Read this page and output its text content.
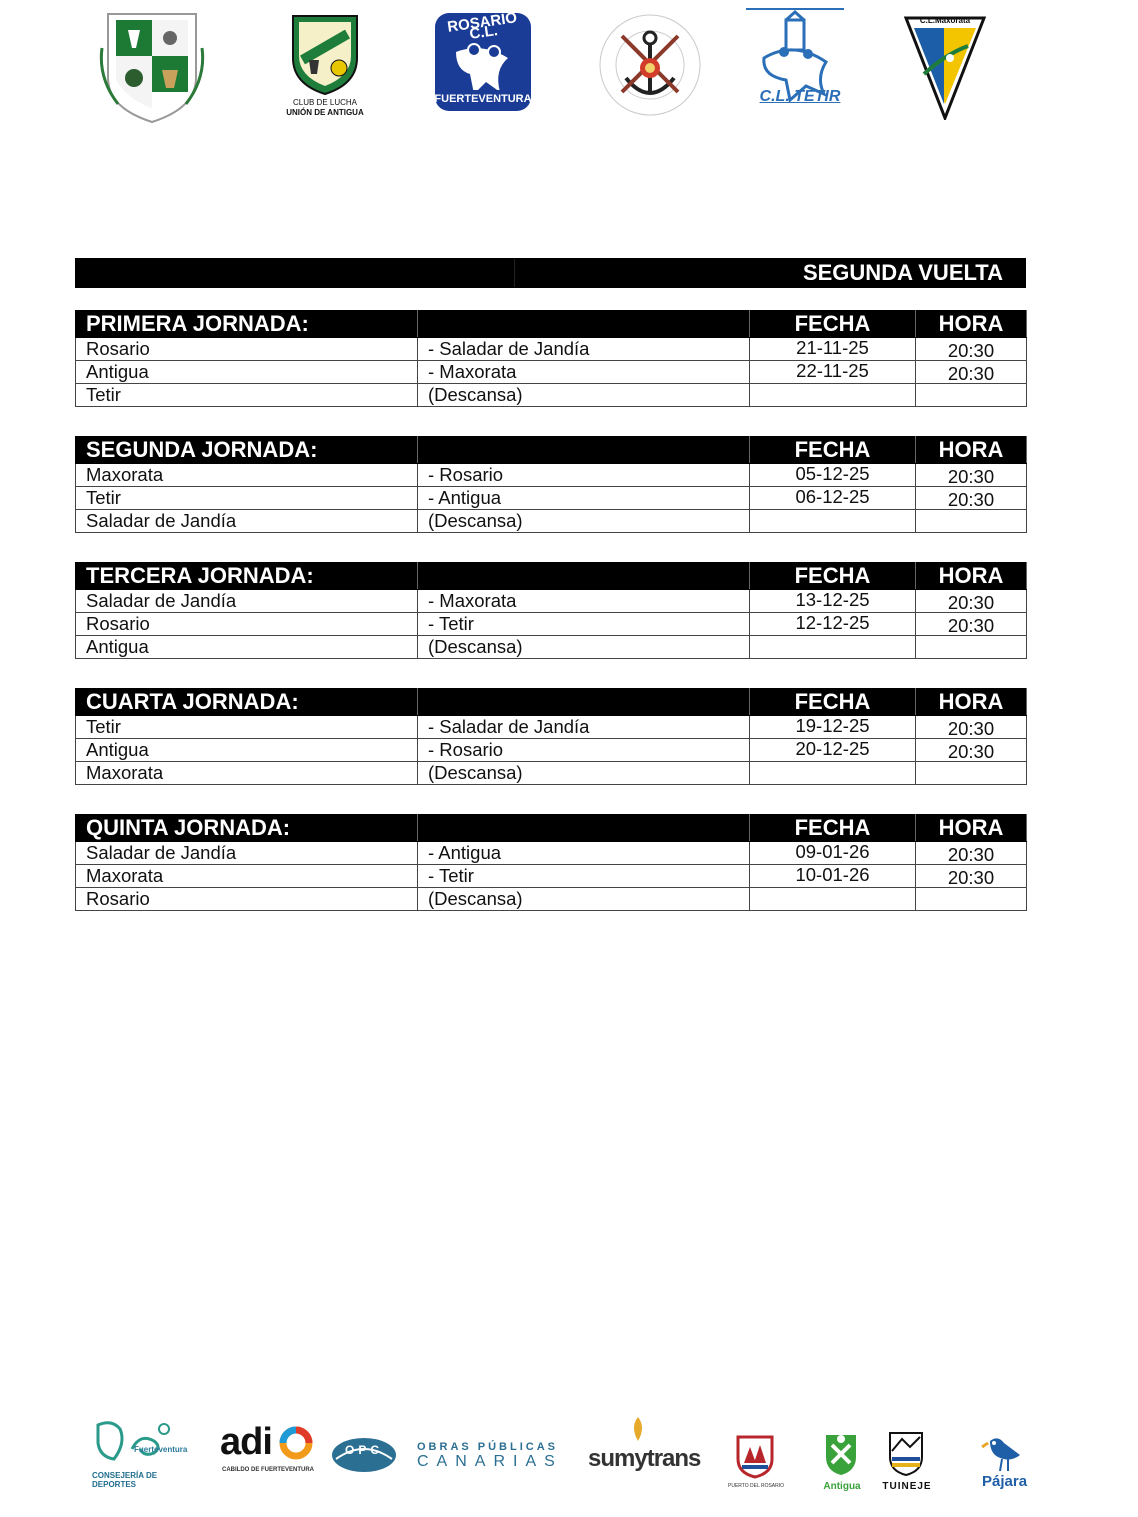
CLUB DE LUCHA
UNIÓN DE ANTIGUA
ROSARIO C.L.
FUERTEVENTURA	C.L. TETIR
C.L.Maxorata
SEGUNDA VUELTA
PRIMERA JORNADA:		FECHA	HORA
Rosario	- Saladar de Jandía	21-11-25	20:30
Antigua	- Maxorata	22-11-25	20:30
Tetir	(Descansa)		
SEGUNDA JORNADA:		FECHA	HORA
Maxorata	- Rosario	05-12-25	20:30
Tetir	- Antigua	06-12-25	20:30
Saladar de Jandía	(Descansa)		
TERCERA JORNADA:		FECHA	HORA
Saladar de Jandía	- Maxorata	13-12-25	20:30
Rosario	- Tetir	12-12-25	20:30
Antigua	(Descansa)		
CUARTA JORNADA:		FECHA	HORA
Tetir	- Saladar de Jandía	19-12-25	20:30
Antigua	- Rosario	20-12-25	20:30
Maxorata	(Descansa)		
QUINTA JORNADA:		FECHA	HORA
Saladar de Jandía	- Antigua	09-01-26	20:30
Maxorata	- Tetir	10-01-26	20:30
Rosario	(Descansa)		
Fuerteventura
CONSEJERÍA DE DEPORTES
adi
CABILDO DE FUERTEVENTURA
OPC	OBRAS PÚBLICAS
CANARIAS sumytrans
PUERTO DEL ROSARIO	Antigua	TUINEJE	Pájara
